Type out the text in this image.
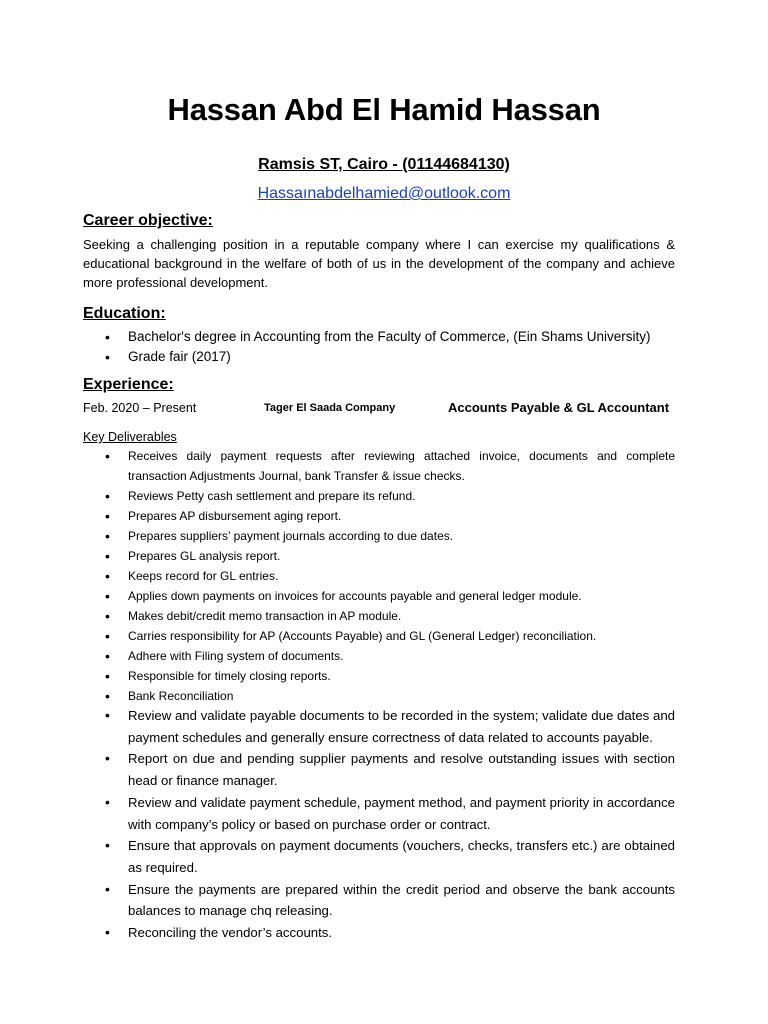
Hassan Abd El Hamid Hassan
Ramsis ST, Cairo - (01144684130)
Hassaınabdelhamied@outlook.com
Career objective:
Seeking a challenging position in a reputable company where I can exercise my qualifications & educational background in the welfare of both of us in the development of the company and achieve more professional development.
Education:
• Bachelor's degree in Accounting from the Faculty of Commerce, (Ein Shams University)
• Grade fair (2017)
Experience:
Feb. 2020 – Present	Tager El Saada Company	Accounts Payable & GL Accountant
Key Deliverables
• Receives daily payment requests after reviewing attached invoice, documents and complete transaction Adjustments Journal, bank Transfer & issue checks.
• Reviews Petty cash settlement and prepare its refund.
• Prepares AP disbursement aging report.
• Prepares suppliers’ payment journals according to due dates.
• Prepares GL analysis report.
• Keeps record for GL entries.
• Applies down payments on invoices for accounts payable and general ledger module.
• Makes debit/credit memo transaction in AP module.
• Carries responsibility for AP (Accounts Payable) and GL (General Ledger) reconciliation.
• Adhere with Filing system of documents.
• Responsible for timely closing reports.
• Bank Reconciliation
• Review and validate payable documents to be recorded in the system; validate due dates and payment schedules and generally ensure correctness of data related to accounts payable.
• Report on due and pending supplier payments and resolve outstanding issues with section head or finance manager.
• Review and validate payment schedule, payment method, and payment priority in accordance with company’s policy or based on purchase order or contract.
• Ensure that approvals on payment documents (vouchers, checks, transfers etc.) are obtained as required.
• Ensure the payments are prepared within the credit period and observe the bank accounts balances to manage chq releasing.
• Reconciling the vendor’s accounts.
